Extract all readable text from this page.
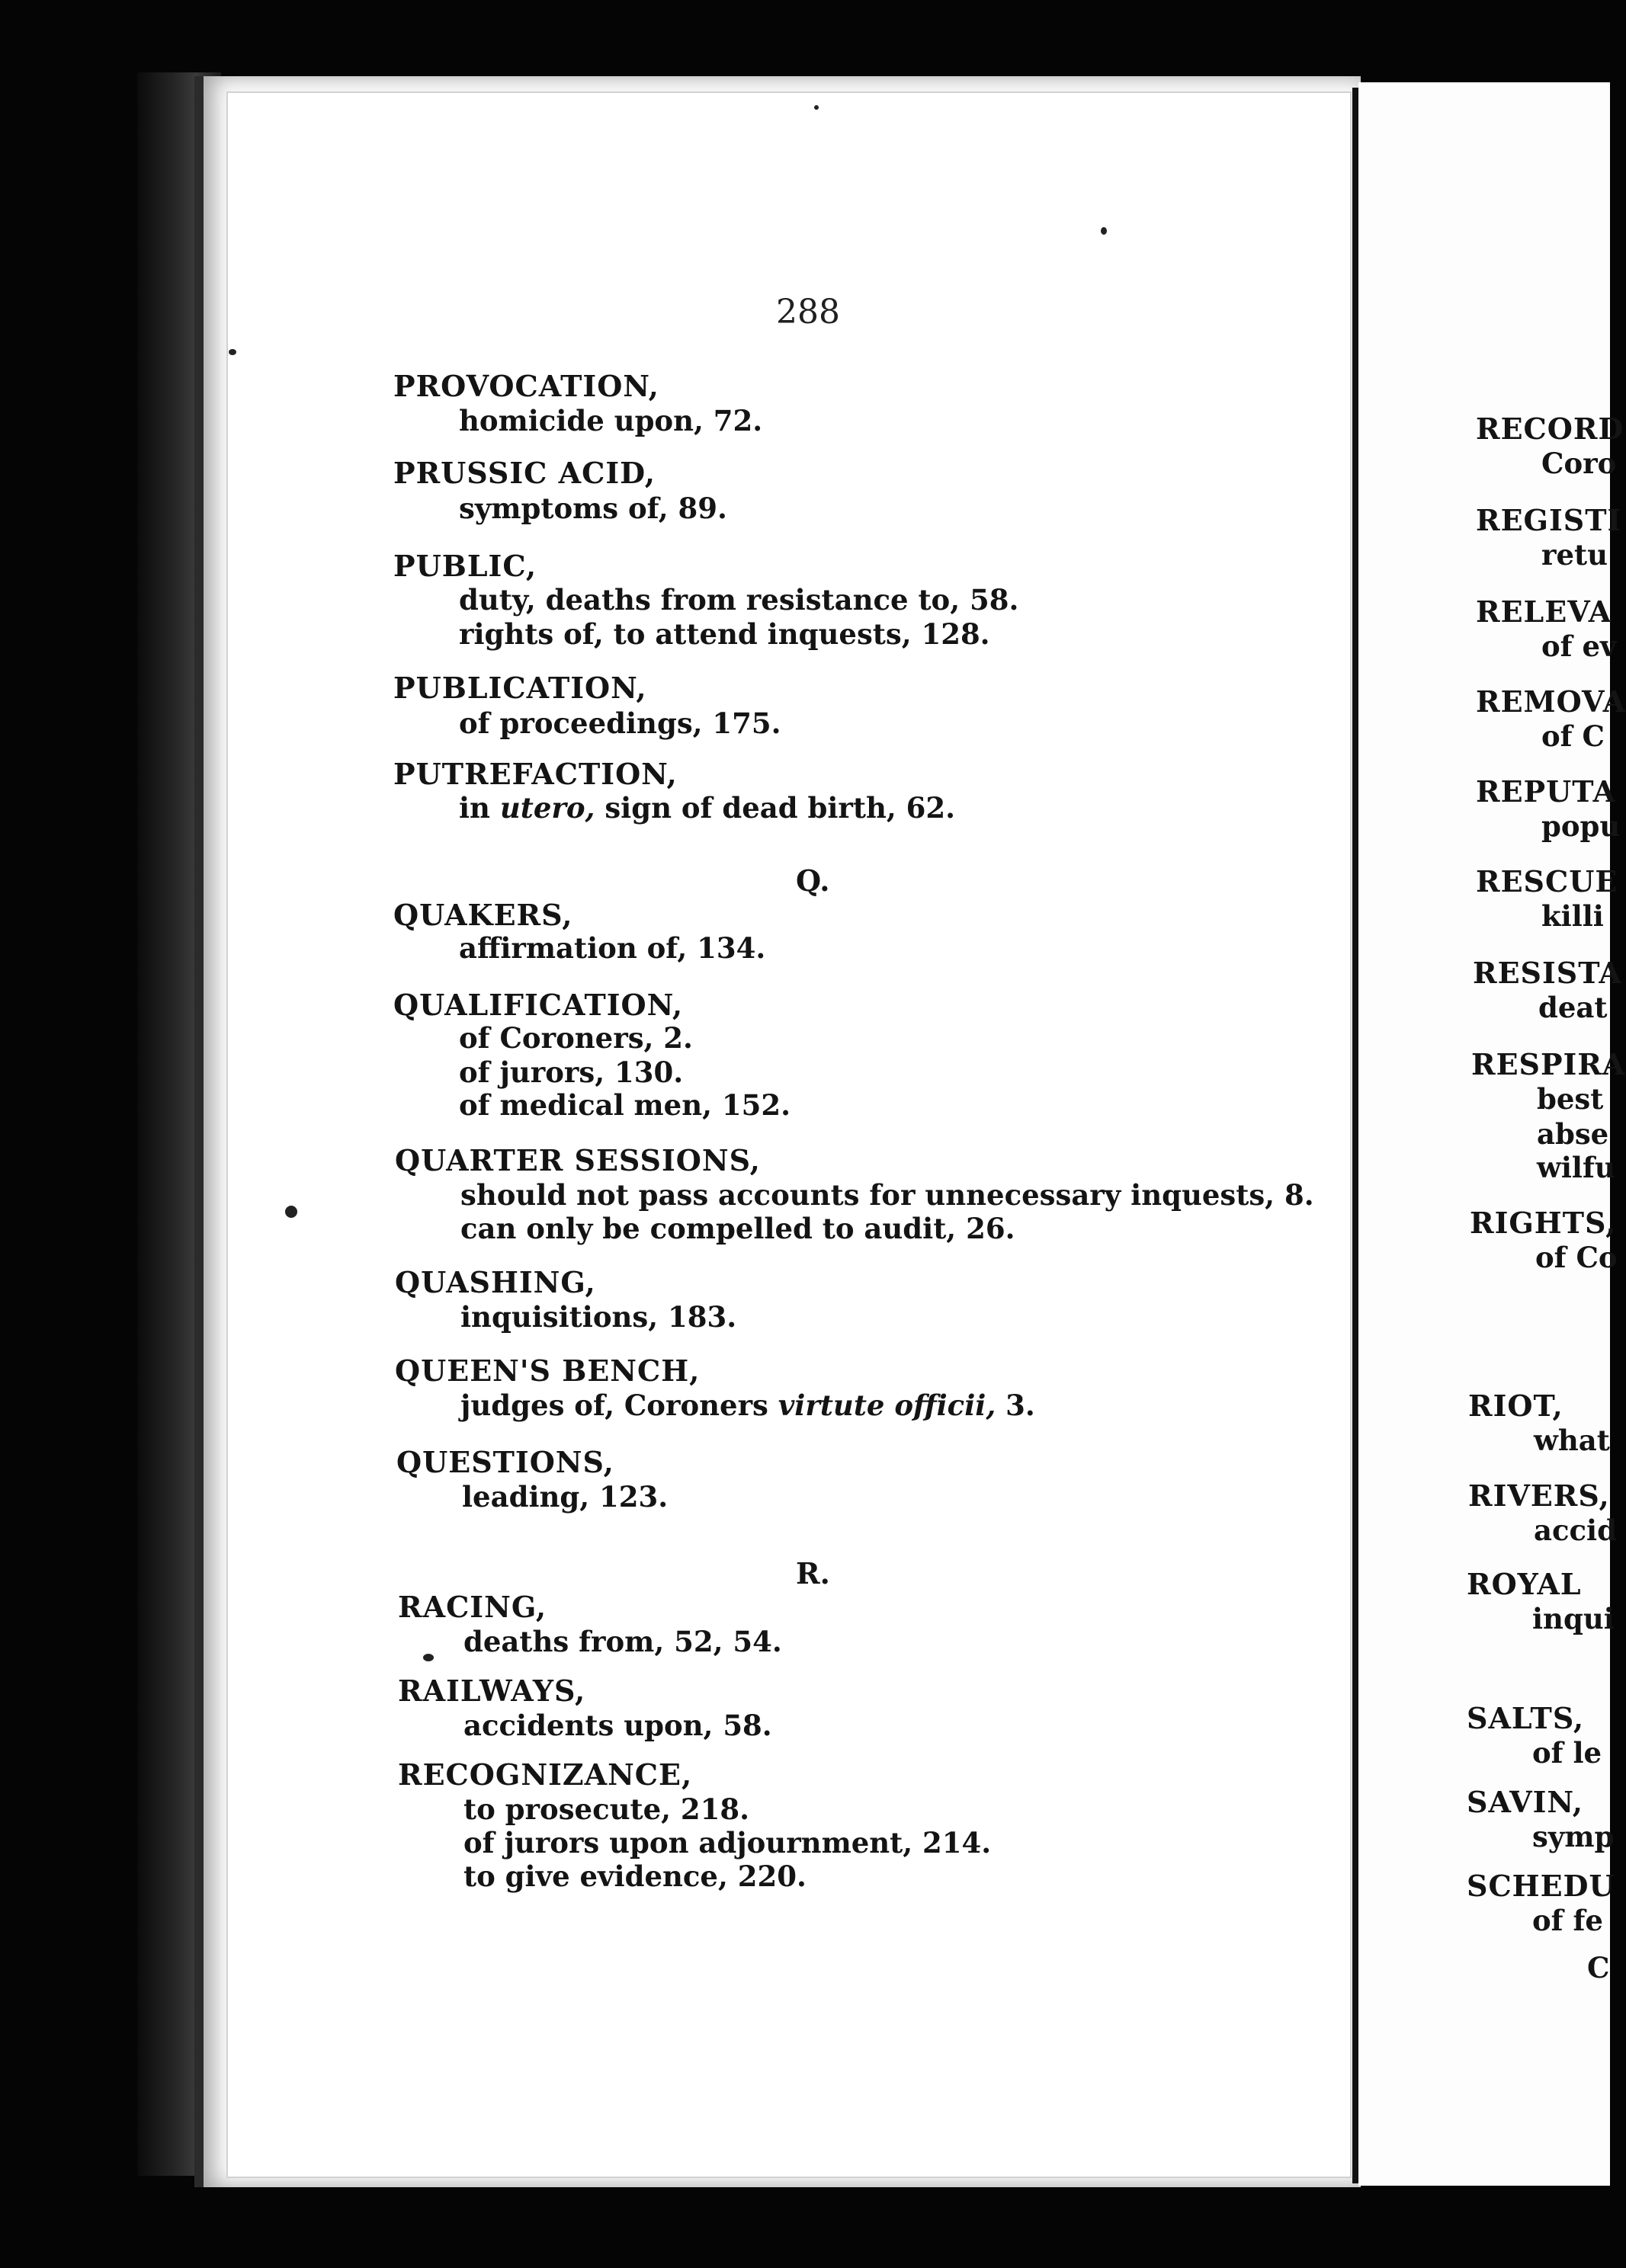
288
PROVOCATION,
homicide upon, 72.
PRUSSIC ACID,
symptoms of, 89.
PUBLIC,
duty, deaths from resistance to, 58.
rights of, to attend inquests, 128.
PUBLICATION,
of proceedings, 175.
PUTREFACTION,
in utero, sign of dead birth, 62.
Q.
QUAKERS,
affirmation of, 134.
QUALIFICATION,
of Coroners, 2.
of jurors, 130.
of medical men, 152.
QUARTER SESSIONS,
should not pass accounts for unnecessary inquests, 8.
can only be compelled to audit, 26.
QUASHING,
inquisitions, 183.
QUEEN'S BENCH,
judges of, Coroners virtute officii, 3.
QUESTIONS,
leading, 123.
R.
RACING,
deaths from, 52, 54.
RAILWAYS,
accidents upon, 58.
RECOGNIZANCE,
to prosecute, 218.
of jurors upon adjournment, 214.
to give evidence, 220.
RECORD
Coro
REGISTI
retu
RELEVA
of ev
REMOVA
of C
REPUTA
popu
RESCUE
killi
RESISTA
deat
RESPIRA
best
abse
wilfu
RIGHTS,
of Co
RIOT,
what
RIVERS,
accid
ROYAL
inqui
SALTS,
of le
SAVIN,
symp
SCHEDU
of fe
C
